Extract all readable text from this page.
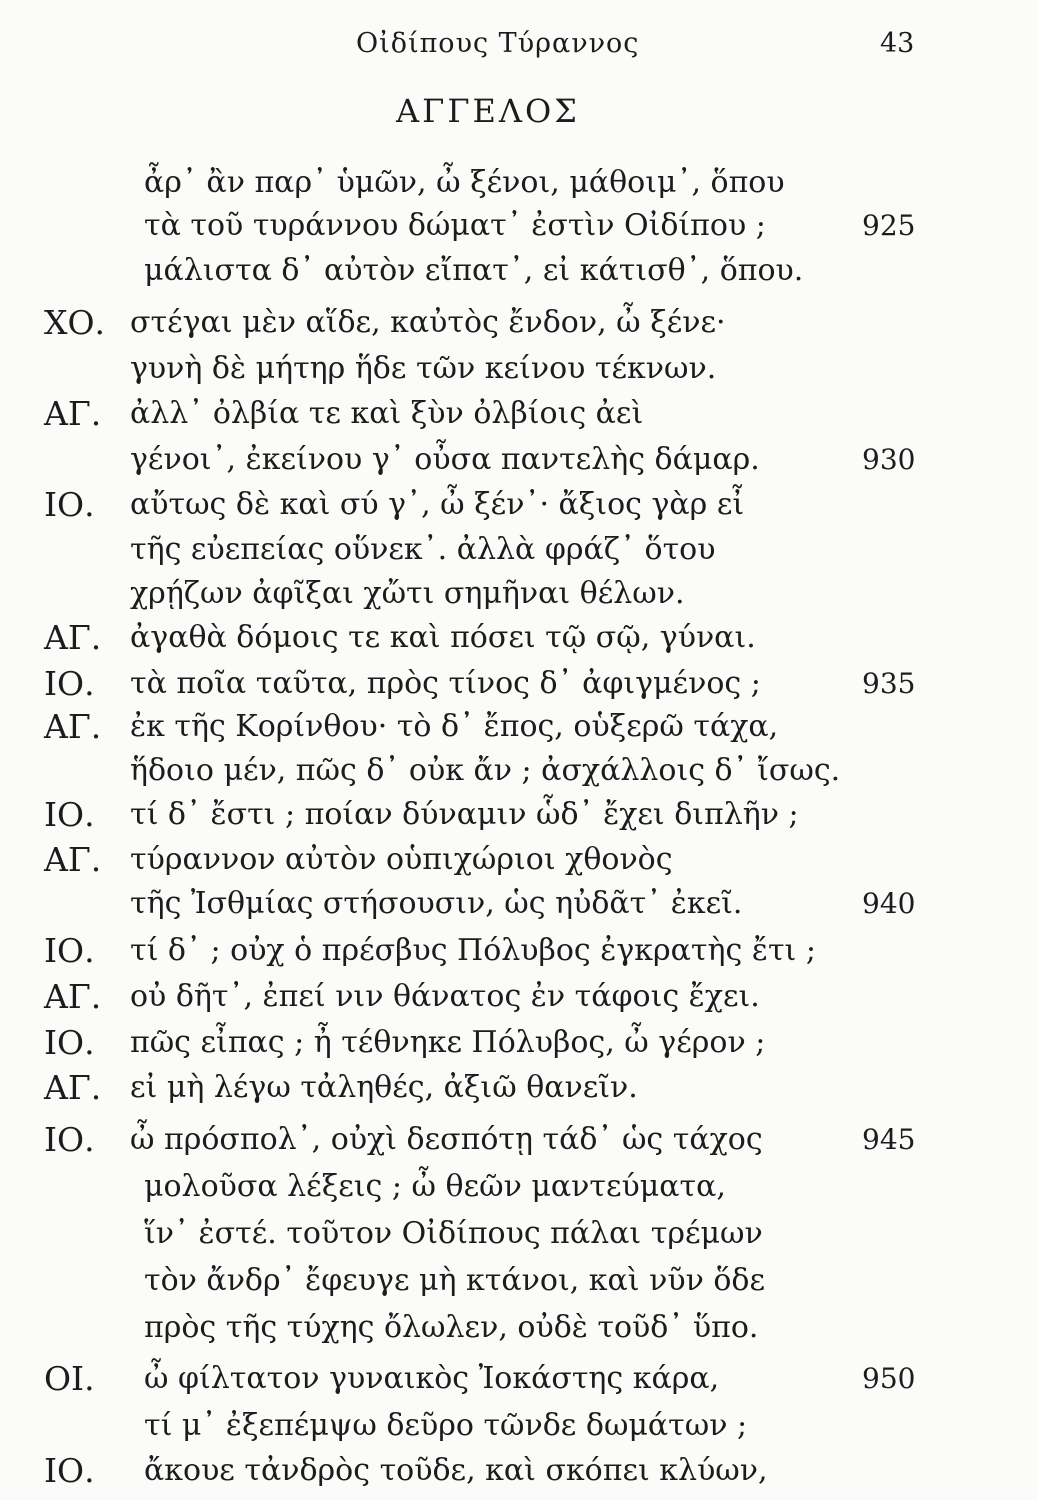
Οἰδίπους Τύραννος	43
ΑΓΓΕΛΟΣ
ἆρ᾽ ἂν παρ᾽ ὑμῶν, ὦ ξένοι, μάθοιμ᾽, ὅπου
τὰ τοῦ τυράννου δώματ᾽ ἐστὶν Οἰδίπου ;	925
μάλιστα δ᾽ αὐτὸν εἴπατ᾽, εἰ κάτισθ᾽, ὅπου.
ΧΟ. στέγαι μὲν αἵδε, καὐτὸς ἔνδον, ὦ ξένε·
γυνὴ δὲ μήτηρ ἥδε τῶν κείνου τέκνων.
ΑΓ. ἀλλ᾽ ὀλβία τε καὶ ξὺν ὀλβίοις ἀεὶ
γένοι᾽, ἐκείνου γ᾽ οὖσα παντελὴς δάμαρ.	930
ΙΟ. αὔτως δὲ καὶ σύ γ᾽, ὦ ξέν᾽· ἄξιος γὰρ εἶ
τῆς εὐεπείας οὕνεκ᾽. ἀλλὰ φράζ᾽ ὅτου
χρῄζων ἀφῖξαι χὤτι σημῆναι θέλων.
ΑΓ. ἀγαθὰ δόμοις τε καὶ πόσει τῷ σῷ, γύναι.
ΙΟ. τὰ ποῖα ταῦτα, πρὸς τίνος δ᾽ ἀφιγμένος ;	935
ΑΓ. ἐκ τῆς Κορίνθου· τὸ δ᾽ ἔπος, οὑξερῶ τάχα,
ἥδοιο μέν, πῶς δ᾽ οὐκ ἄν ; ἀσχάλλοις δ᾽ ἴσως.
ΙΟ. τί δ᾽ ἔστι ; ποίαν δύναμιν ὧδ᾽ ἔχει διπλῆν ;
ΑΓ. τύραννον αὐτὸν οὑπιχώριοι χθονὸς
τῆς Ἰσθμίας στήσουσιν, ὡς ηὐδᾶτ᾽ ἐκεῖ.	940
ΙΟ. τί δ᾽ ; οὐχ ὁ πρέσβυς Πόλυβος ἐγκρατὴς ἔτι ;
ΑΓ. οὐ δῆτ᾽, ἐπεί νιν θάνατος ἐν τάφοις ἔχει.
ΙΟ. πῶς εἶπας ; ἦ τέθνηκε Πόλυβος, ὦ γέρον ;
ΑΓ. εἰ μὴ λέγω τἀληθές, ἀξιῶ θανεῖν.
ΙΟ. ὦ πρόσπολ᾽, οὐχὶ δεσπότῃ τάδ᾽ ὡς τάχος	945
μολοῦσα λέξεις ; ὦ θεῶν μαντεύματα,
ἵν᾽ ἐστέ. τοῦτον Οἰδίπους πάλαι τρέμων
τὸν ἄνδρ᾽ ἔφευγε μὴ κτάνοι, καὶ νῦν ὅδε
πρὸς τῆς τύχης ὄλωλεν, οὐδὲ τοῦδ᾽ ὕπο.
ΟΙ. ὦ φίλτατον γυναικὸς Ἰοκάστης κάρα,	950
τί μ᾽ ἐξεπέμψω δεῦρο τῶνδε δωμάτων ;
ΙΟ. ἄκουε τἀνδρὸς τοῦδε, καὶ σκόπει κλύων,
